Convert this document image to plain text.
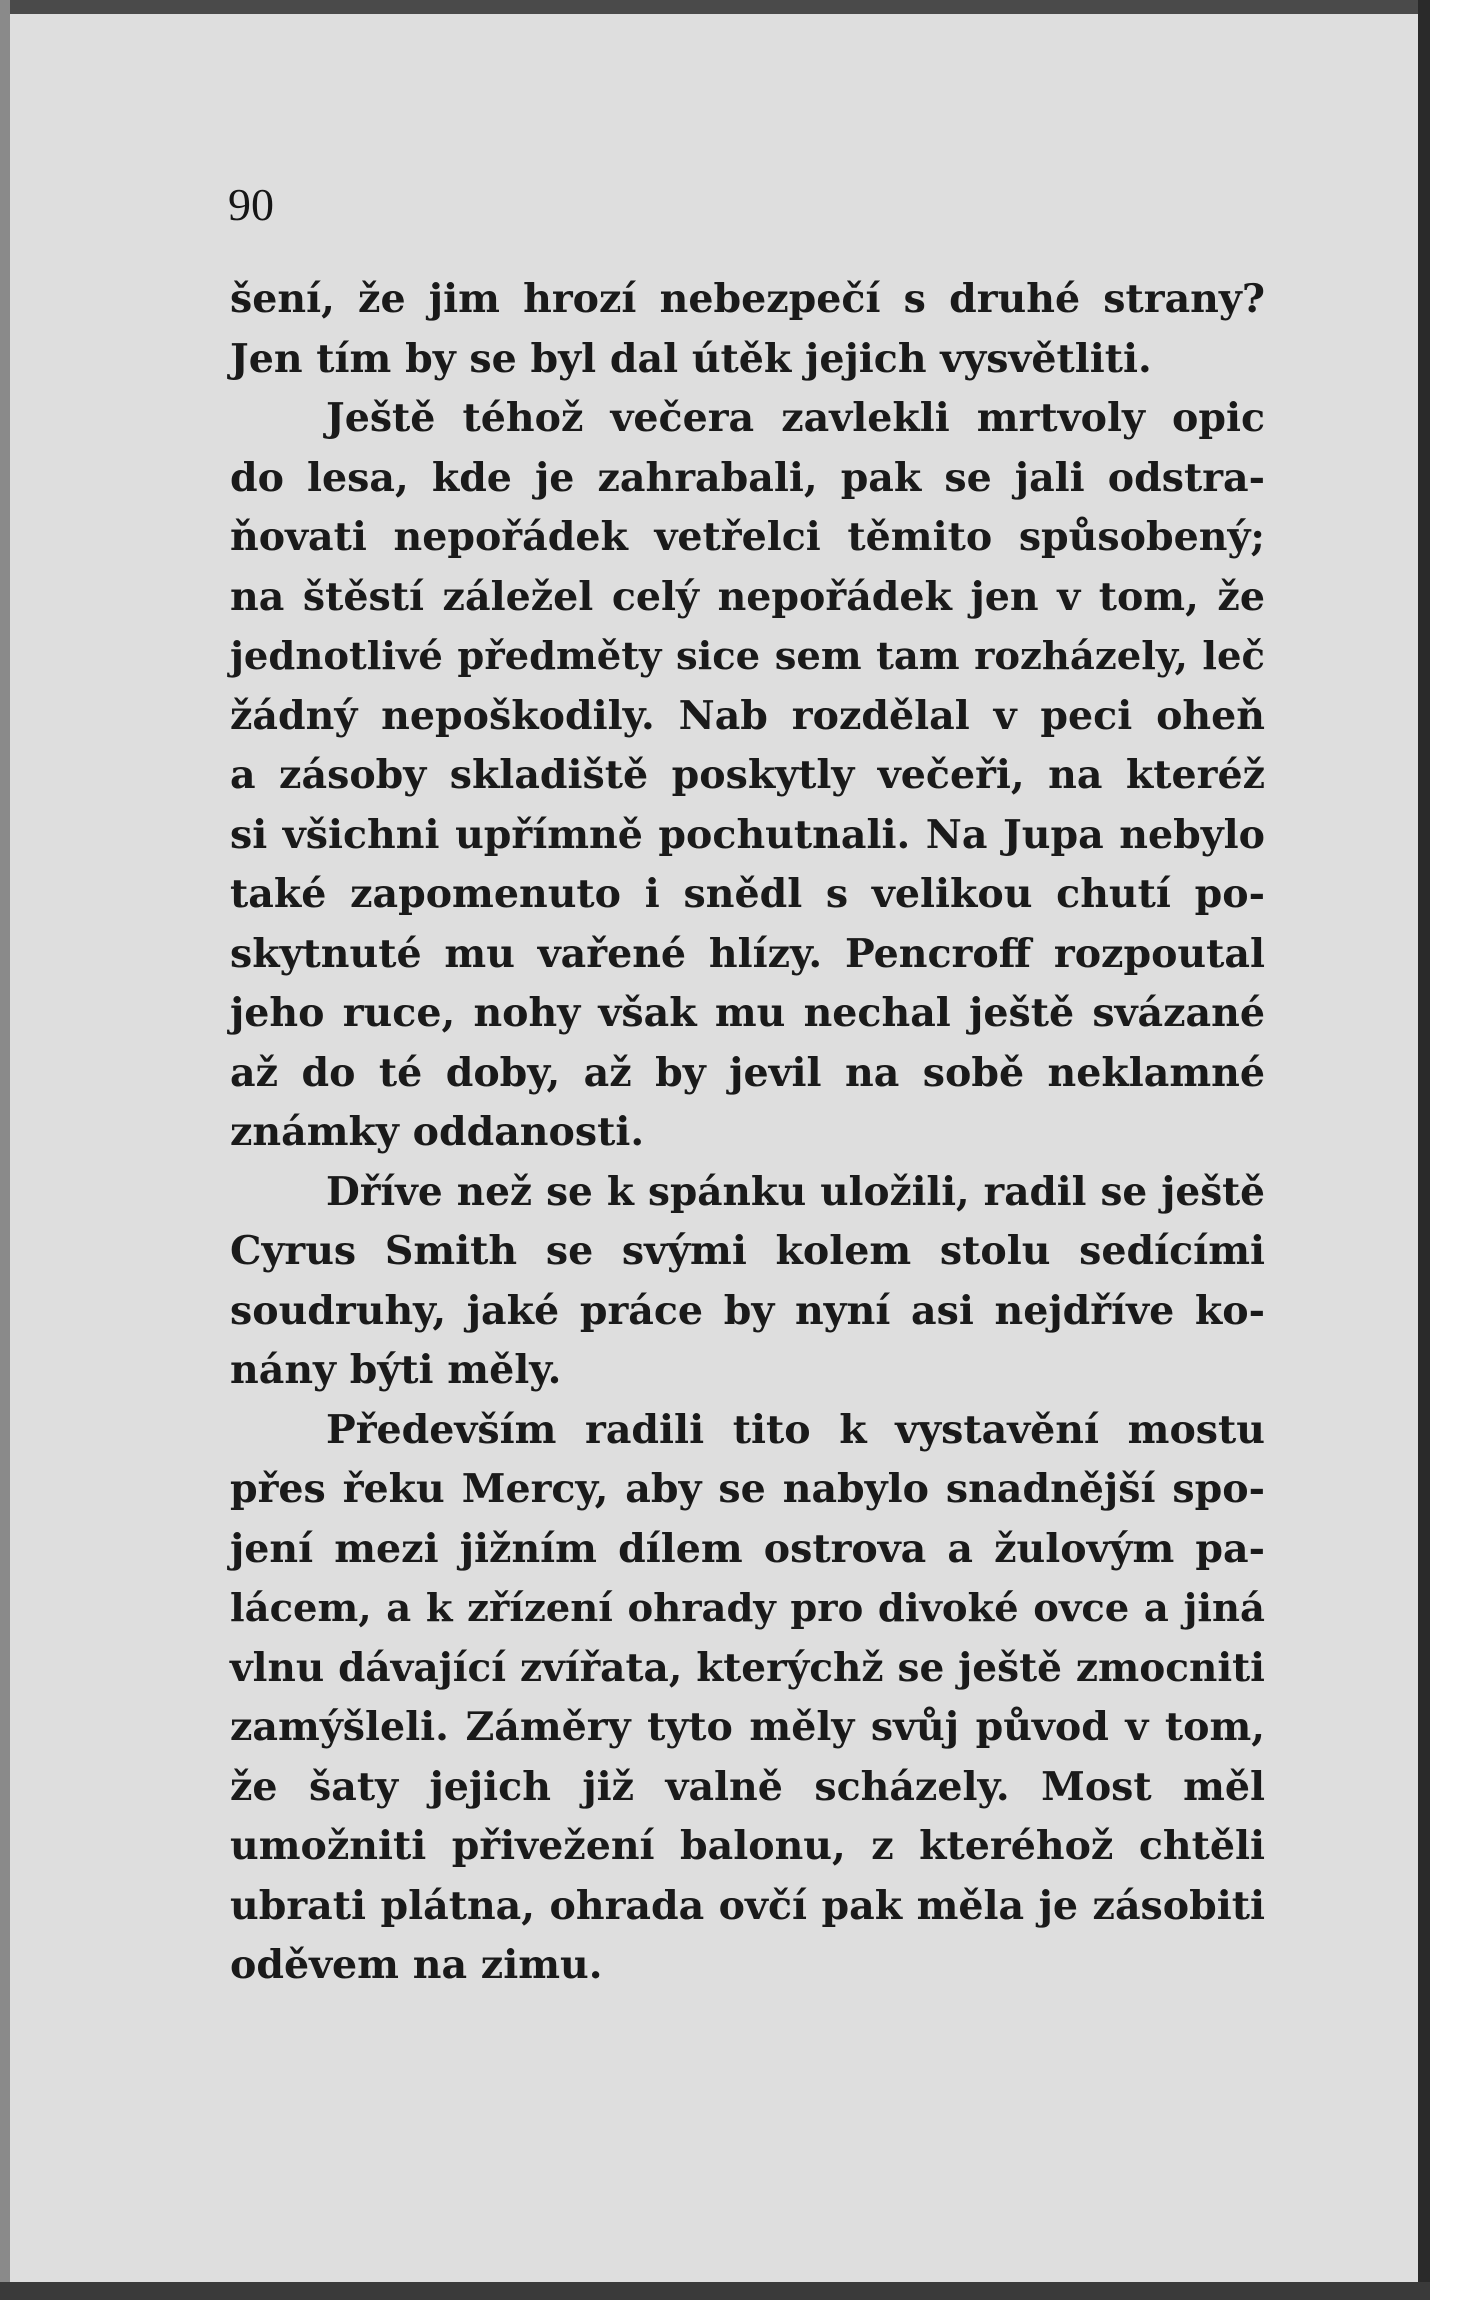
90

šení, že jim hrozí nebezpečí s druhé strany?
Jen tím by se byl dal útěk jejich vysvětliti.

Ještě téhož večera zavlekli mrtvoly opic
do lesa, kde je zahrabali, pak se jali odstra-
ňovati nepořádek vetřelci těmito spůsobený;
na štěstí záležel celý nepořádek jen v tom, že
jednotlivé předměty sice sem tam rozházely, leč
žádný nepoškodily. Nab rozdělal v peci oheň
a zásoby skladiště poskytly večeři, na kteréž
si všichni upřímně pochutnali. Na Jupa nebylo
také zapomenuto i snědl s velikou chutí po-
skytnuté mu vařené hlízy. Pencroff rozpoutal
jeho ruce, nohy však mu nechal ještě svázané
až do té doby, až by jevil na sobě neklamné
známky oddanosti.

Dříve než se k spánku uložili, radil se ještě
Cyrus Smith se svými kolem stolu sedícími
soudruhy, jaké práce by nyní asi nejdříve ko-
nány býti měly.

Především radili tito k vystavění mostu
přes řeku Mercy, aby se nabylo snadnější spo-
jení mezi jižním dílem ostrova a žulovým pa-
lácem, a k zřízení ohrady pro divoké ovce a jiná
vlnu dávající zvířata, kterýchž se ještě zmocniti
zamýšleli. Záměry tyto měly svůj původ v tom,
že šaty jejich již valně scházely. Most měl
umožniti přivežení balonu, z kteréhož chtěli
ubrati plátna, ohrada ovčí pak měla je zásobiti
oděvem na zimu.
